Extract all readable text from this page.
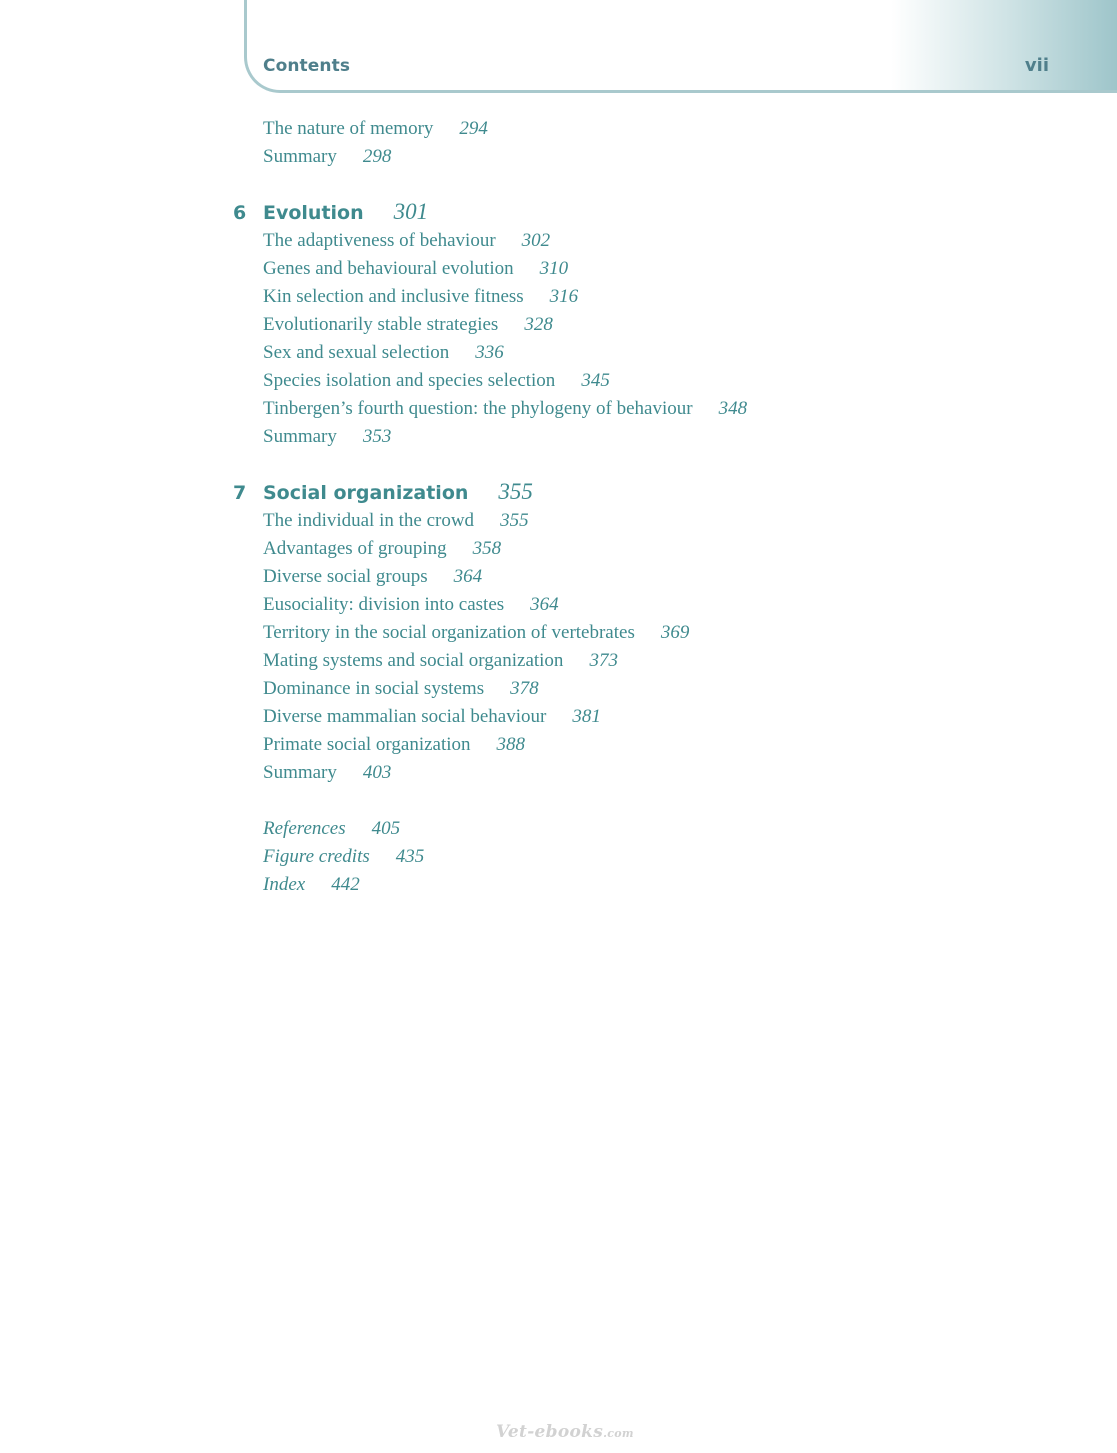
Contents	vii
The nature of memory 294
Summary 298
6 Evolution 301
The adaptiveness of behaviour 302
Genes and behavioural evolution 310
Kin selection and inclusive fitness 316
Evolutionarily stable strategies 328
Sex and sexual selection 336
Species isolation and species selection 345
Tinbergen’s fourth question: the phylogeny of behaviour 348
Summary 353
7 Social organization 355
The individual in the crowd 355
Advantages of grouping 358
Diverse social groups 364
Eusociality: division into castes 364
Territory in the social organization of vertebrates 369
Mating systems and social organization 373
Dominance in social systems 378
Diverse mammalian social behaviour 381
Primate social organization 388
Summary 403
References 405
Figure credits 435
Index 442
Vet-ebooks.com
